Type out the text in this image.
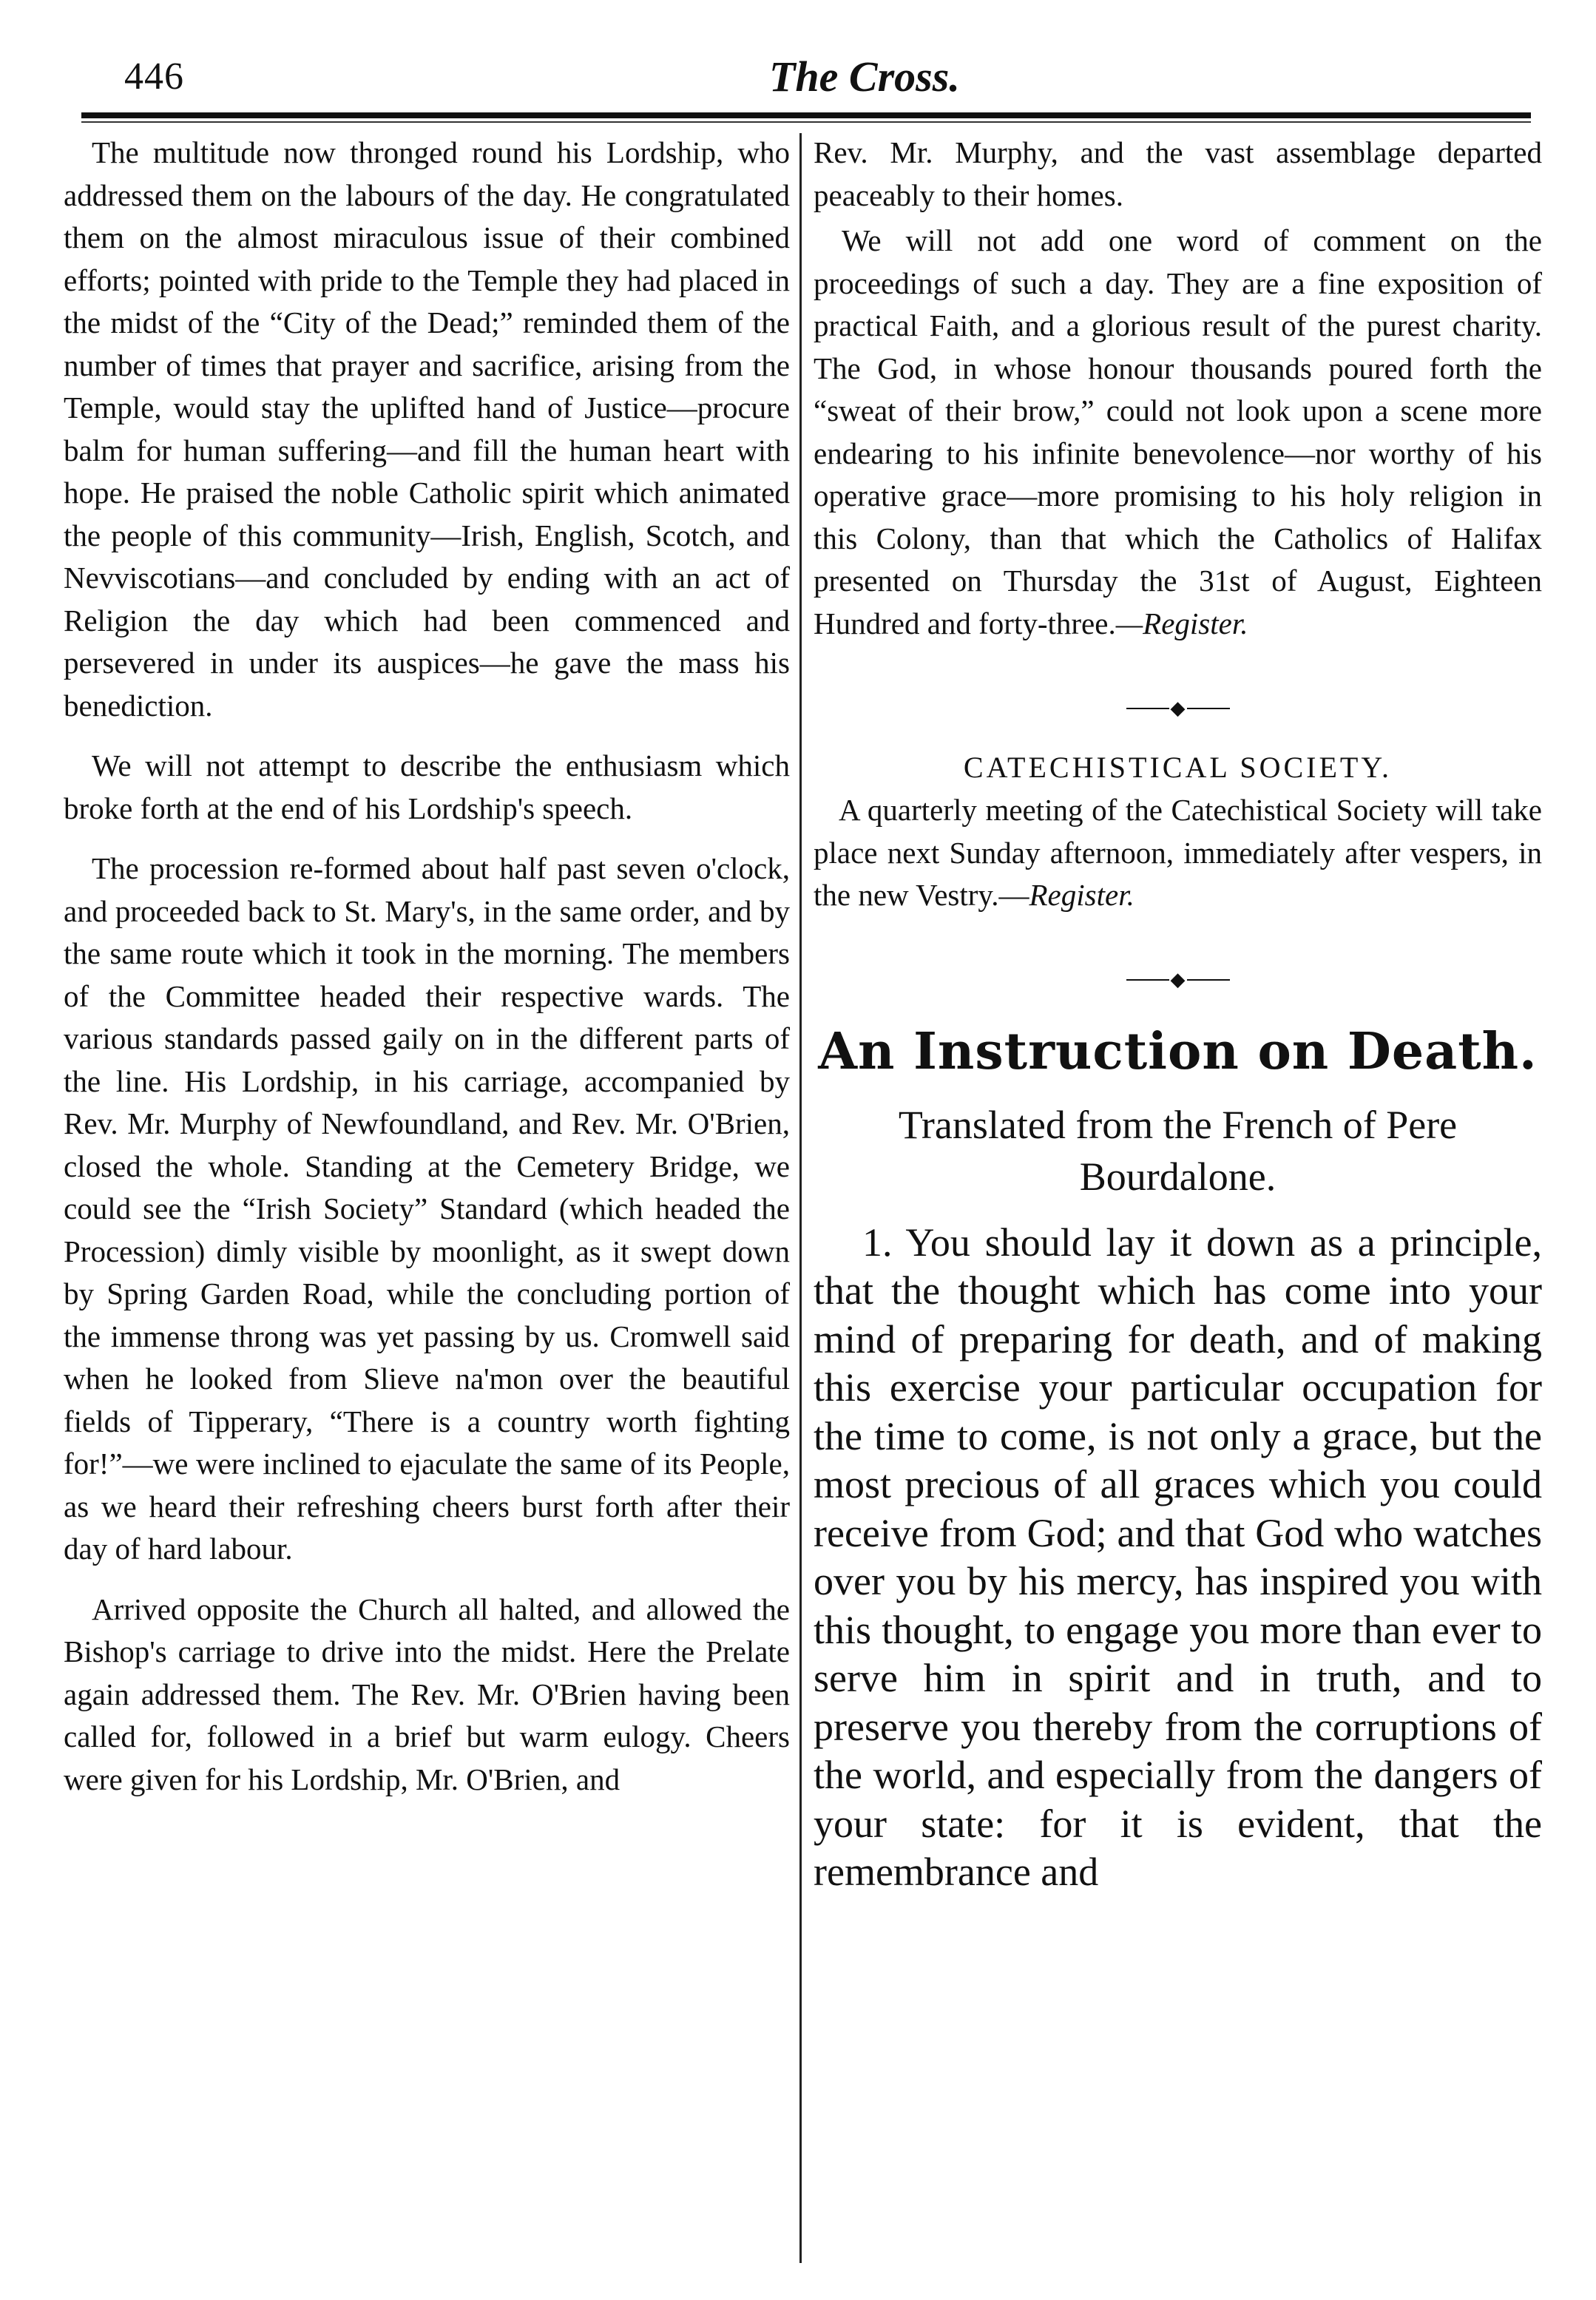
446	The Cross.

The multitude now thronged round his Lordship, who addressed them on the labours of the day. He congratulated them on the almost miraculous issue of their combined efforts; pointed with pride to the Temple they had placed in the midst of the “City of the Dead;” reminded them of the number of times that prayer and sacrifice, arising from the Temple, would stay the uplifted hand of Justice—procure balm for human suffering—and fill the human heart with hope. He praised the noble Catholic spirit which animated the people of this community—Irish, English, Scotch, and Nevviscotians—and concluded by ending with an act of Religion the day which had been commenced and persevered in under its auspices—he gave the mass his benediction.

We will not attempt to describe the enthusiasm which broke forth at the end of his Lordship's speech.

The procession re-formed about half past seven o'clock, and proceeded back to St. Mary's, in the same order, and by the same route which it took in the morning. The members of the Committee headed their respective wards. The various standards passed gaily on in the different parts of the line. His Lordship, in his carriage, accompanied by Rev. Mr. Murphy of Newfoundland, and Rev. Mr. O'Brien, closed the whole. Standing at the Cemetery Bridge, we could see the “Irish Society” Standard (which headed the Procession) dimly visible by moonlight, as it swept down by Spring Garden Road, while the concluding portion of the immense throng was yet passing by us. Cromwell said when he looked from Slieve na'mon over the beautiful fields of Tipperary, “There is a country worth fighting for!”—we were inclined to ejaculate the same of its People, as we heard their refreshing cheers burst forth after their day of hard labour.

Arrived opposite the Church all halted, and allowed the Bishop's carriage to drive into the midst. Here the Prelate again addressed them. The Rev. Mr. O'Brien having been called for, followed in a brief but warm eulogy. Cheers were given for his Lordship, Mr. O'Brien, and

Rev. Mr. Murphy, and the vast assemblage departed peaceably to their homes.

We will not add one word of comment on the proceedings of such a day. They are a fine exposition of practical Faith, and a glorious result of the purest charity. The God, in whose honour thousands poured forth the “sweat of their brow,” could not look upon a scene more endearing to his infinite benevolence—nor worthy of his operative grace—more promising to his holy religion in this Colony, than that which the Catholics of Halifax presented on Thursday the 31st of August, Eighteen Hundred and forty-three.—Register.

◆
CATECHISTICAL SOCIETY.

A quarterly meeting of the Catechistical Society will take place next Sunday afternoon, immediately after vespers, in the new Vestry.—Register.

◆
An Instruction on Death.
Translated from the French of Pere Bourdalone.

1. You should lay it down as a principle, that the thought which has come into your mind of preparing for death, and of making this exercise your particular occupation for the time to come, is not only a grace, but the most precious of all graces which you could receive from God; and that God who watches over you by his mercy, has inspired you with this thought, to engage you more than ever to serve him in spirit and in truth, and to preserve you thereby from the corruptions of the world, and especially from the dangers of your state: for it is evident, that the remembrance and
